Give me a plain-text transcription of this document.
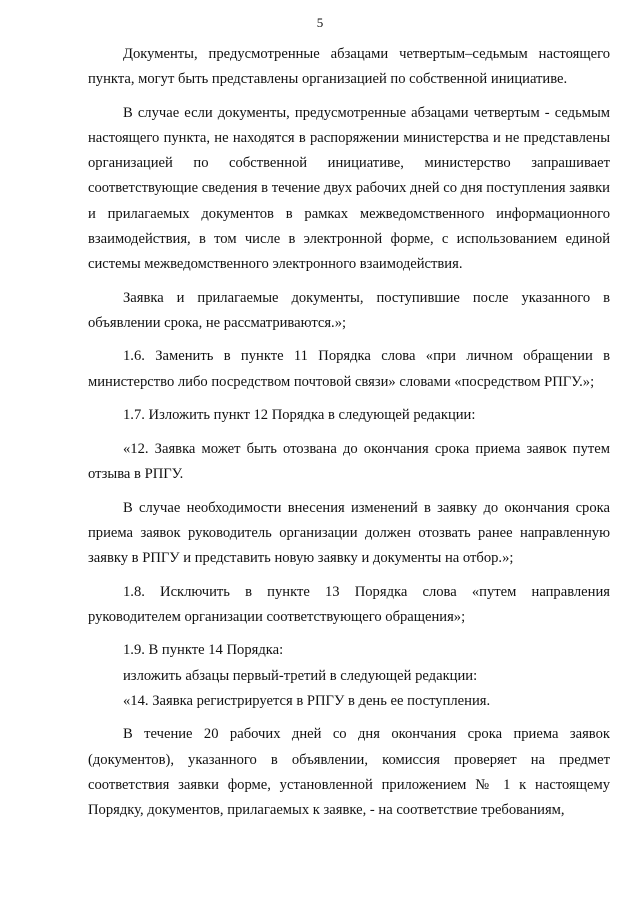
5

Документы, предусмотренные абзацами четвертым–седьмым настоящего пункта, могут быть представлены организацией по собственной инициативе.

В случае если документы, предусмотренные абзацами четвертым - седьмым настоящего пункта, не находятся в распоряжении министерства и не представлены организацией по собственной инициативе, министерство запрашивает соответствующие сведения в течение двух рабочих дней со дня поступления заявки и прилагаемых документов в рамках межведомственного информационного взаимодействия, в том числе в электронной форме, с использованием единой системы межведомственного электронного взаимодействия.

Заявка и прилагаемые документы, поступившие после указанного в объявлении срока, не рассматриваются.»;

1.6. Заменить в пункте 11 Порядка слова «при личном обращении в министерство либо посредством почтовой связи» словами «посредством РПГУ.»;

1.7. Изложить пункт 12 Порядка в следующей редакции:

«12. Заявка может быть отозвана до окончания срока приема заявок путем отзыва в РПГУ.

В случае необходимости внесения изменений в заявку до окончания срока приема заявок руководитель организации должен отозвать ранее направленную заявку в РПГУ и представить новую заявку и документы на отбор.»;

1.8. Исключить в пункте 13 Порядка слова «путем направления руководителем организации соответствующего обращения»;

1.9. В пункте 14 Порядка:

изложить абзацы первый-третий в следующей редакции:

«14. Заявка регистрируется в РПГУ в день ее поступления.

В течение 20 рабочих дней со дня окончания срока приема заявок (документов), указанного в объявлении, комиссия проверяет на предмет соответствия заявки форме, установленной приложением № 1 к настоящему Порядку, документов, прилагаемых к заявке, - на соответствие требованиям,
